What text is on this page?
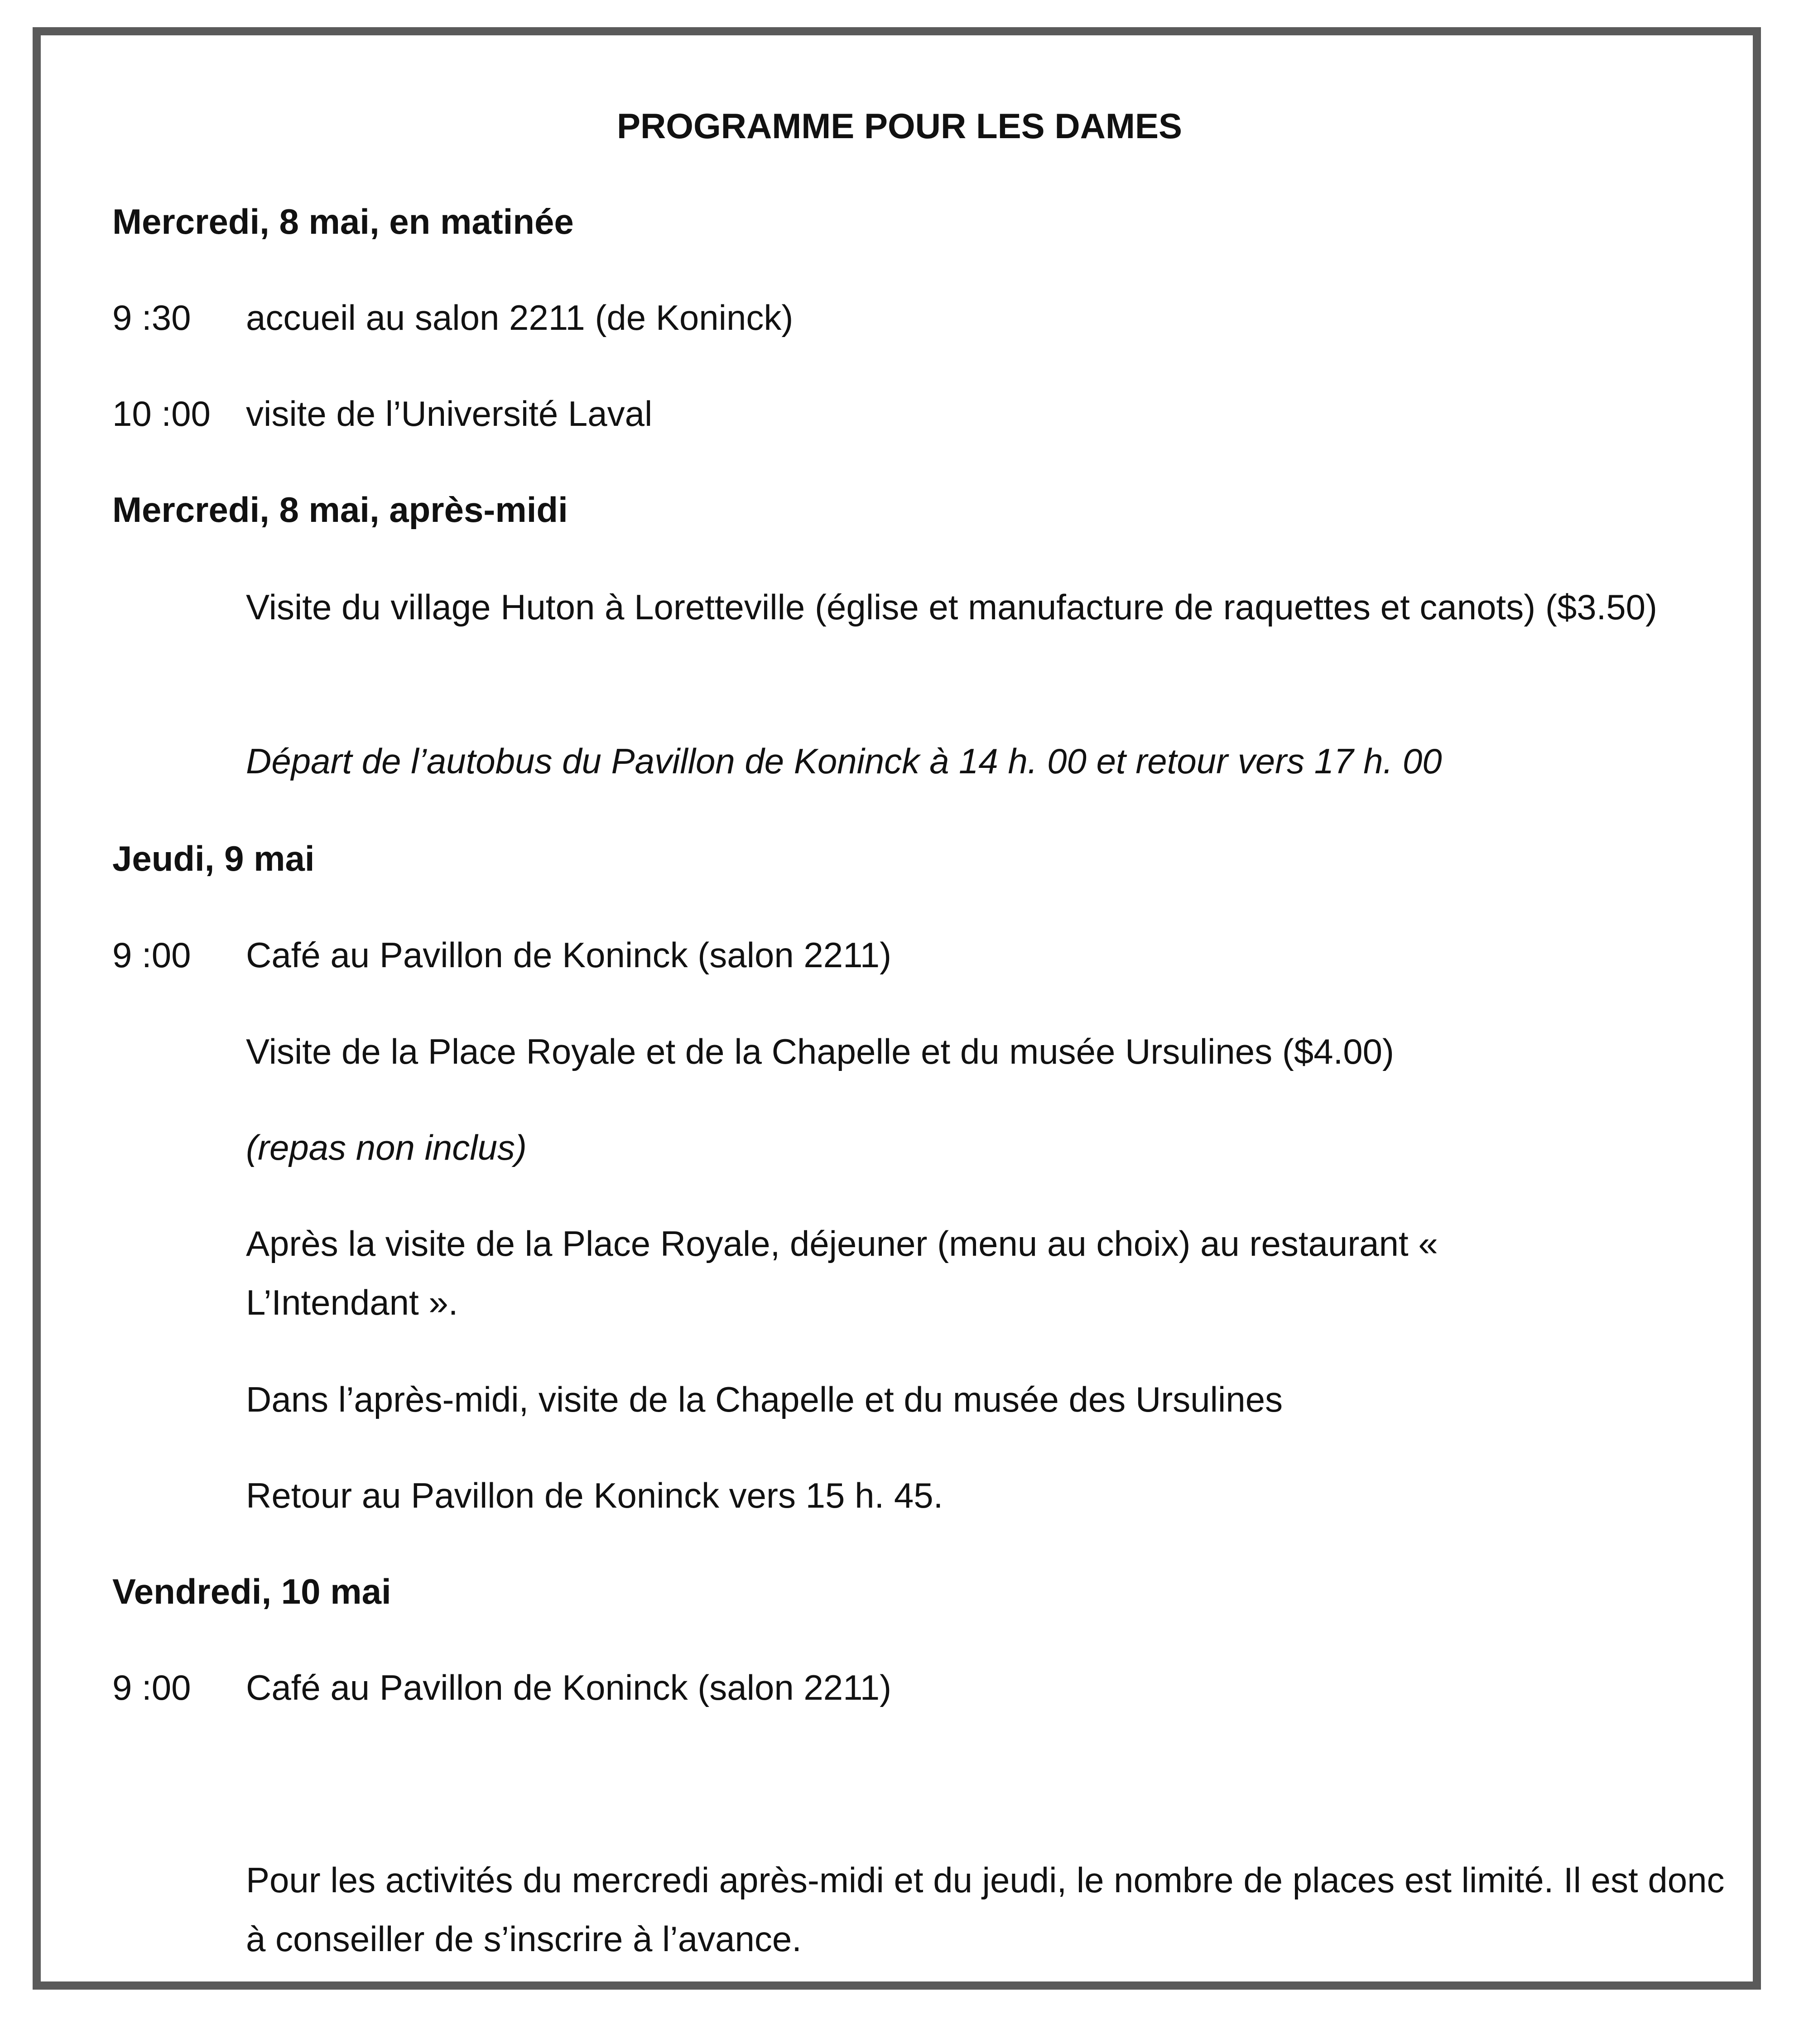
PROGRAMME POUR LES DAMES

Mercredi, 8 mai, en matinée

9 :30 accueil au salon 2211 (de Koninck)

10 :00 visite de l’Université Laval

Mercredi, 8 mai, après-midi

Visite du village Huton à Loretteville (église et manufacture de raquettes et canots) ($3.50)

Départ de l’autobus du Pavillon de Koninck à 14 h. 00 et retour vers 17 h. 00

Jeudi, 9 mai

9 :00 Café au Pavillon de Koninck (salon 2211)

Visite de la Place Royale et de la Chapelle et du musée Ursulines ($4.00)

(repas non inclus)

Après la visite de la Place Royale, déjeuner (menu au choix) au restaurant « L’Intendant ».

Dans l’après-midi, visite de la Chapelle et du musée des Ursulines

Retour au Pavillon de Koninck vers 15 h. 45.

Vendredi, 10 mai

9 :00 Café au Pavillon de Koninck (salon 2211)

Pour les activités du mercredi après-midi et du jeudi, le nombre de places est limité. Il est donc à conseiller de s’inscrire à l’avance.
